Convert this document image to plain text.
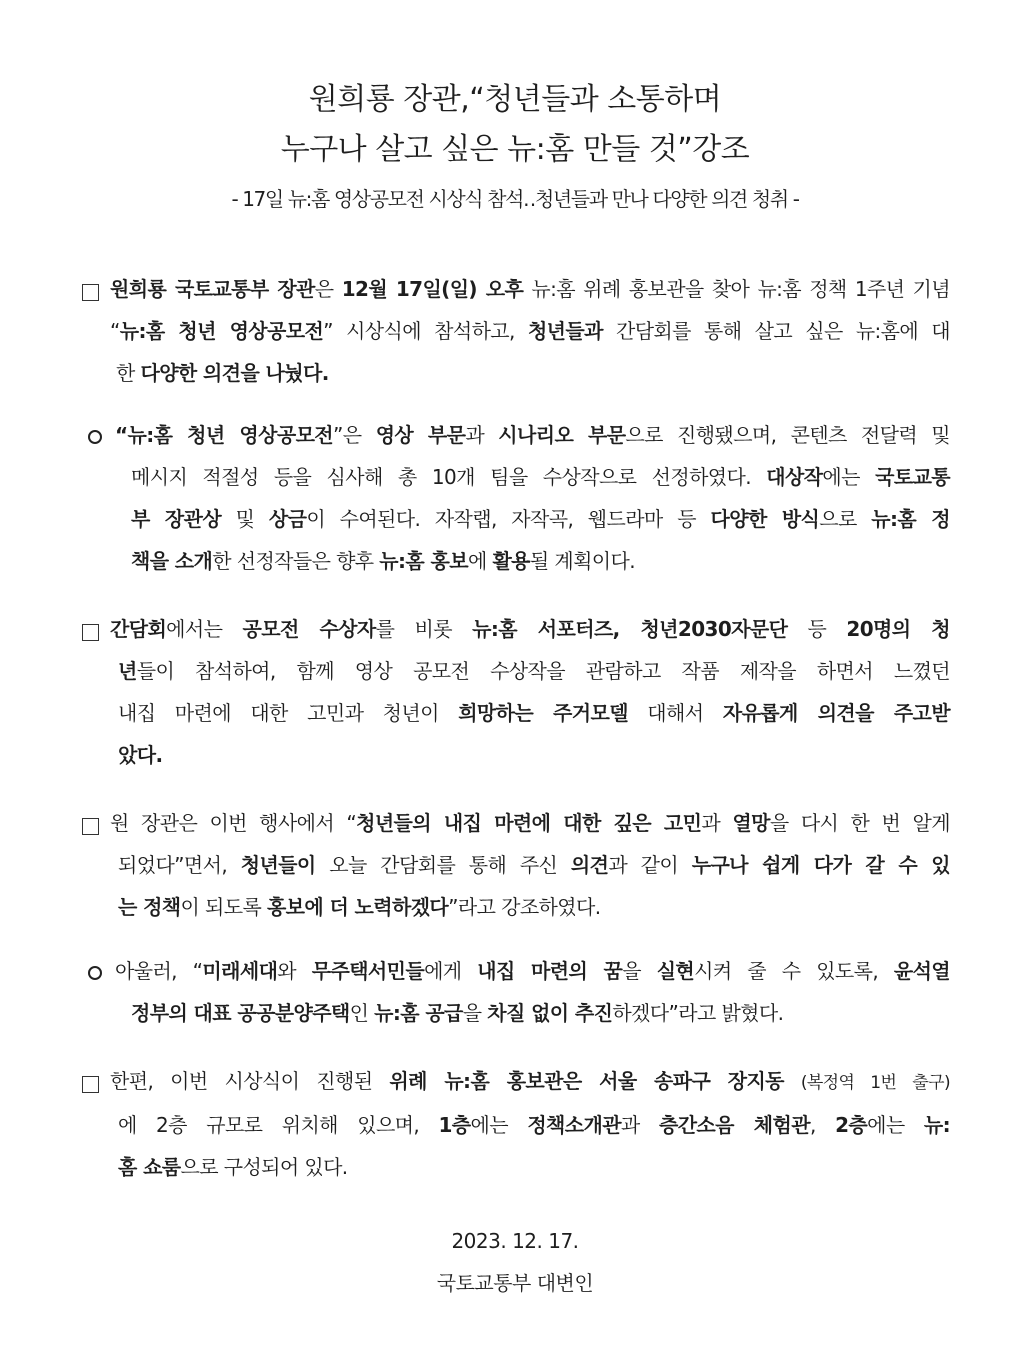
원희룡 장관,“청년들과 소통하며
누구나 살고 싶은 뉴:홈 만들 것”강조
- 17일 뉴:홈 영상공모전 시상식 참석‥청년들과 만나 다양한 의견 청취 -
원희룡 국토교통부 장관은 12월 17일(일) 오후 뉴:홈 위례 홍보관을 찾아 뉴:홈 정책 1주년 기념
“뉴:홈 청년 영상공모전” 시상식에 참석하고, 청년들과 간담회를 통해 살고 싶은 뉴:홈에 대
한 다양한 의견을 나눴다.
“뉴:홈 청년 영상공모전”은 영상 부문과 시나리오 부문으로 진행됐으며, 콘텐츠 전달력 및
메시지 적절성 등을 심사해 총 10개 팀을 수상작으로 선정하였다. 대상작에는 국토교통
부 장관상 및 상금이 수여된다. 자작랩, 자작곡, 웹드라마 등 다양한 방식으로 뉴:홈 정
책을 소개한 선정작들은 향후 뉴:홈 홍보에 활용될 계획이다.
간담회에서는 공모전 수상자를 비롯 뉴:홈 서포터즈, 청년2030자문단 등 20명의 청
년들이 참석하여, 함께 영상 공모전 수상작을 관람하고 작품 제작을 하면서 느꼈던
내집 마련에 대한 고민과 청년이 희망하는 주거모델 대해서 자유롭게 의견을 주고받
았다.
원 장관은 이번 행사에서 “청년들의 내집 마련에 대한 깊은 고민과 열망을 다시 한 번 알게
되었다”면서, 청년들이 오늘 간담회를 통해 주신 의견과 같이 누구나 쉽게 다가 갈 수 있
는 정책이 되도록 홍보에 더 노력하겠다”라고 강조하였다.
아울러, “미래세대와 무주택서민들에게 내집 마련의 꿈을 실현시켜 줄 수 있도록, 윤석열
정부의 대표 공공분양주택인 뉴:홈 공급을 차질 없이 추진하겠다”라고 밝혔다.
한편, 이번 시상식이 진행된 위례 뉴:홈 홍보관은 서울 송파구 장지동 (복정역 1번 출구)
에 2층 규모로 위치해 있으며, 1층에는 정책소개관과 층간소음 체험관, 2층에는 뉴:
홈 쇼룸으로 구성되어 있다.
2023. 12. 17.
국토교통부 대변인
